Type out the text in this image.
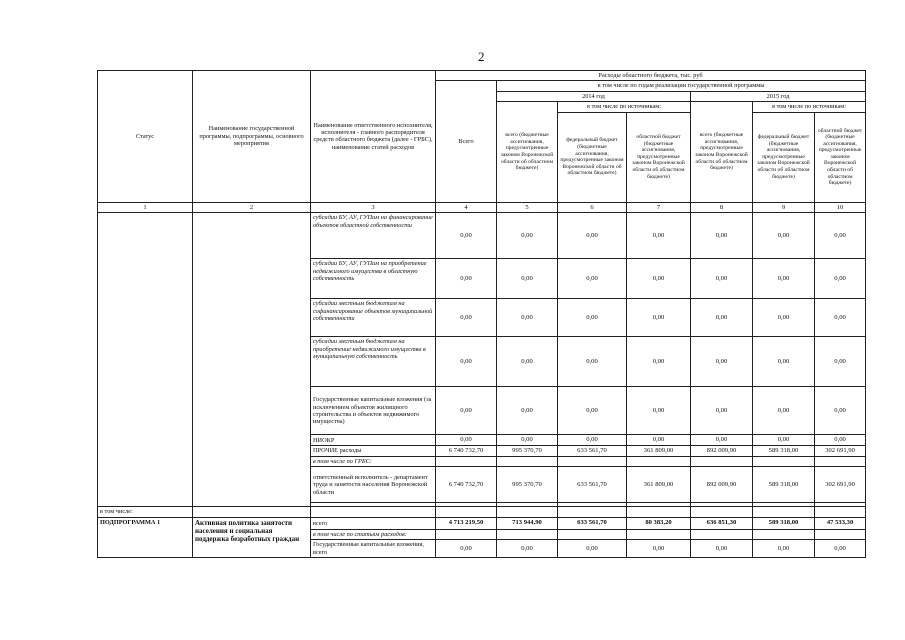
2
Статус	Наименование государственной программы, подпрограммы, основного мероприятия	Наименование ответственного исполнителя, исполнителя - главного распорядителя средств областного бюджета (далее - ГРБС), наименование статей расходов	Расходы областного бюджета, тыс. руб						
			Всего	в том числе по годам реализации государственной программы					
				2014 год			2015 год		
				всего (бюджетные ассигнования, предусмотренные законом Воронежской области об областном бюджете)	в том числе по источникам:		всего (бюджетные ассигнования, предусмотренные законом Воронежской области об областном бюджете)	в том числе по источникам:	
					федеральный бюджет (бюджетные ассигнования, предусмотренные законом Воронежской области об областном бюджете)	областной бюджет (бюджетные ассигнования, предусмотренные законом Воронежской области об областном бюджете)		федеральный бюджет (бюджетные ассигнования, предусмотренные законом Воронежской области об областном бюджете)	областной бюджет (бюджетные ассигнования, предусмотренные законом Воронежской области об областном бюджете)
1	2	3	4	5	6	7	8	9	10
		субсидии БУ, АУ, ГУПам на финансирование объектов областной собственности	0,00	0,00	0,00	0,00	0,00	0,00	0,00
		субсидии БУ, АУ, ГУПам на приобретение недвижимого имущества в областную собственность	0,00	0,00	0,00	0,00	0,00	0,00	0,00
		субсидии местным бюджетам на софинансирование объектов муниципальной собственности	0,00	0,00	0,00	0,00	0,00	0,00	0,00
		субсидии местным бюджетам на приобретение недвижимого имущества в муниципальную собственность	0,00	0,00	0,00	0,00	0,00	0,00	0,00
		Государственные капитальные вложения (за исключением объектов жилищного строительства и объектов недвижимого имущества)	0,00	0,00	0,00	0,00	0,00	0,00	0,00
		НИОКР	0,00	0,00	0,00	0,00	0,00	0,00	0,00
		ПРОЧИЕ расходы	6 740 732,70	995 370,70	633 561,70	361 809,00	892 009,90	589 318,00	302 691,90
		в том числе по ГРБС:							
		ответственный исполнитель - департамент труда и занятости населения Воронежской области	6 740 732,70	995 370,70	633 561,70	361 809,00	892 009,90	589 318,00	302 691,90

в том числе:									
ПОДПРОГРАММА 1	Активная политика занятости населения и социальная поддержка безработных граждан	всего	4 713 219,50	713 944,90	633 561,70	80 383,20	636 851,30	589 318,00	47 533,30
		в том числе по статьям расходов:							
		Государственные капитальные вложения, всего	0,00	0,00	0,00	0,00	0,00	0,00	0,00
